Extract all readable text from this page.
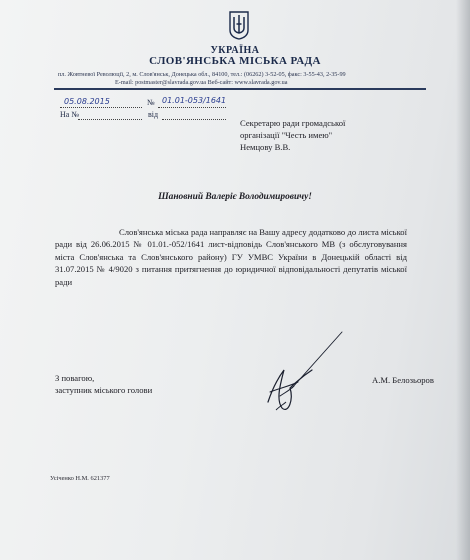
УКРАЇНА
СЛОВ'ЯНСЬКА МІСЬКА РАДА
пл. Жовтневої Революції, 2, м. Слов'янськ, Донецька обл., 84100, тел.: (06262) 3-52-05, факс: 3-55-43, 2-35-99
E-mail: postmaster@slavrada.gov.ua Веб-сайт: www.slavrada.gov.ua
05.08.2015	№ 01.01-053/1641
На №	від
Секретарю ради громадської
організації "Честь имею"
Немцову В.В.
Шановний Валеріє Володимировичу!
Слов'янська міська рада направляє на Вашу адресу додатково до листа міської ради від 26.06.2015 № 01.01.-052/1641 лист-відповідь Слов'янського МВ (з обслуговування міста Слов'янська та Слов'янського району) ГУ УМВС України в Донецькій області від 31.07.2015 № 4/9020 з питання притягнення до юридичної відповідальності депутатів міської ради
З повагою,
заступник міського голови
А.М. Белозьоров
Усіченко Н.М. 621377
